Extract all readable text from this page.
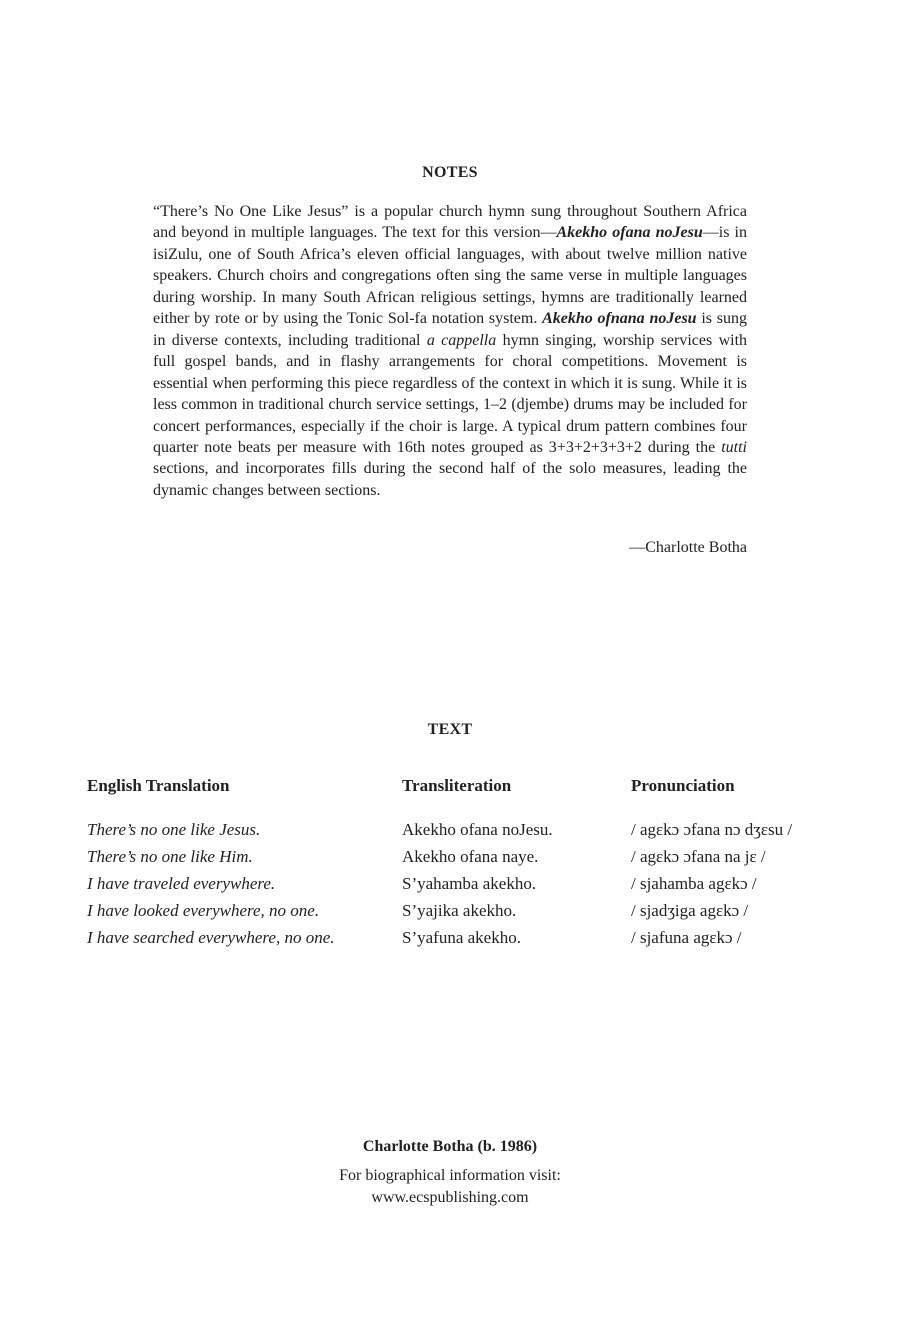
NOTES
“There’s No One Like Jesus” is a popular church hymn sung throughout Southern Africa and beyond in multiple languages. The text for this version—Akekho ofana noJesu—is in isiZulu, one of South Africa’s eleven official languages, with about twelve million native speakers. Church choirs and congregations often sing the same verse in multiple languages during worship. In many South African religious settings, hymns are traditionally learned either by rote or by using the Tonic Sol-fa notation system. Akekho ofnana noJesu is sung in diverse contexts, including traditional a cappella hymn singing, worship services with full gospel bands, and in flashy arrangements for choral competitions. Movement is essential when performing this piece regardless of the context in which it is sung. While it is less common in traditional church service settings, 1–2 (djembe) drums may be included for concert performances, especially if the choir is large. A typical drum pattern combines four quarter note beats per measure with 16th notes grouped as 3+3+2+3+3+2 during the tutti sections, and incorporates fills during the second half of the solo measures, leading the dynamic changes between sections.
—Charlotte Botha
TEXT
English Translation	Transliteration	Pronunciation
There’s no one like Jesus.
There’s no one like Him.
I have traveled everywhere.
I have looked everywhere, no one.
I have searched everywhere, no one.
Akekho ofana noJesu.
Akekho ofana naye.
S’yahamba akekho.
S’yajika akekho.
S’yafuna akekho.
/ agɛkɔ ɔfana nɔ dʒɛsu /
/ agɛkɔ ɔfana na jɛ /
/ sjahamba agɛkɔ /
/ sjadʒiga agɛkɔ /
/ sjafuna agɛkɔ /
Charlotte Botha (b. 1986)
For biographical information visit:
www.ecspublishing.com
